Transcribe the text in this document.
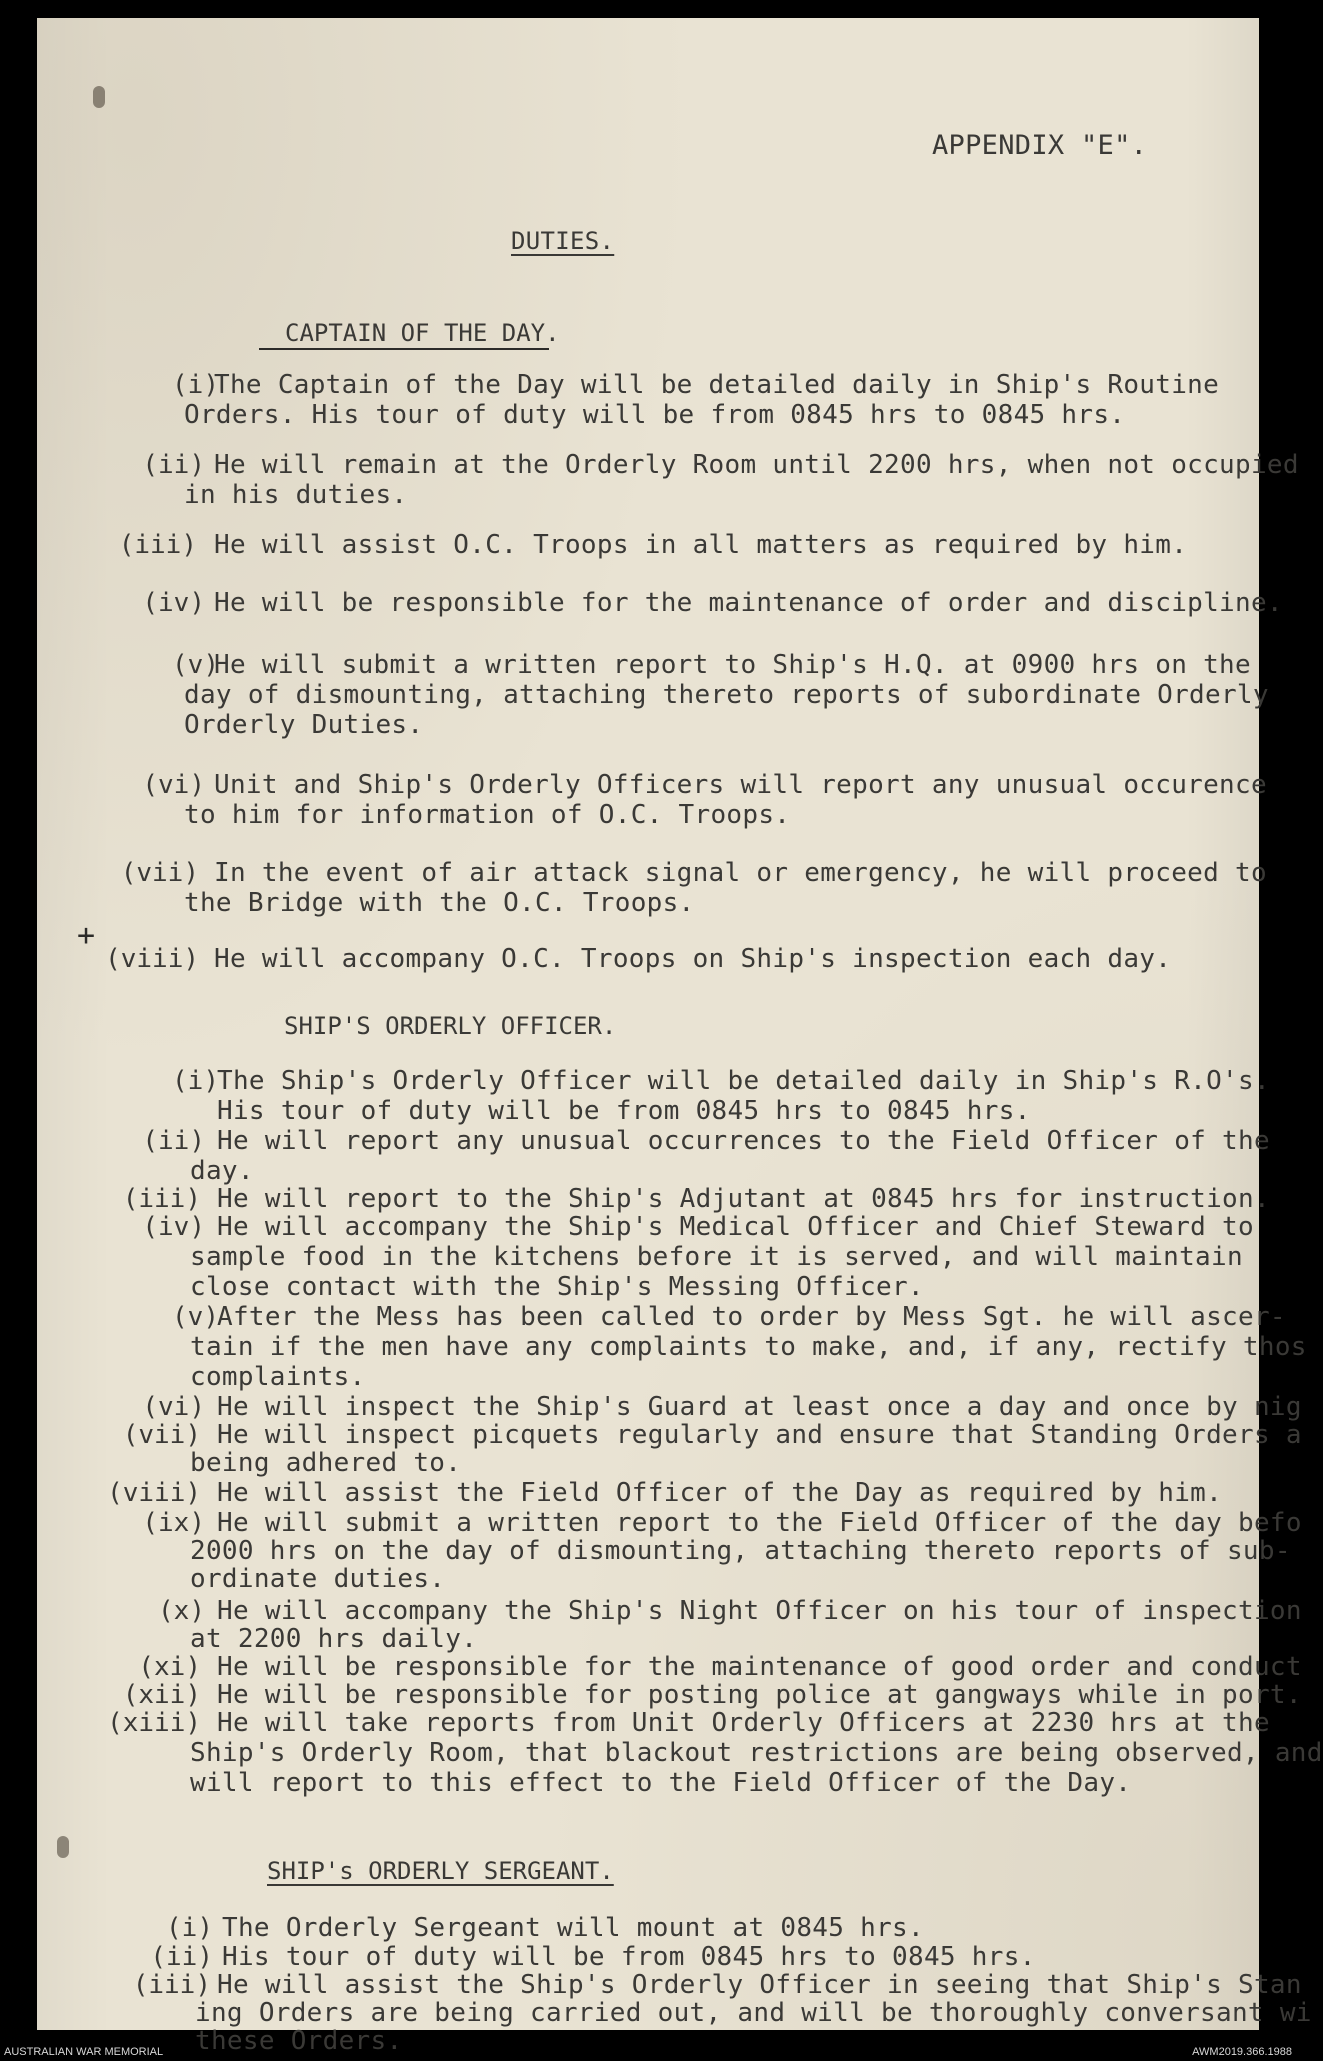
APPENDIX "E".
DUTIES.
CAPTAIN OF THE DAY.
(i)
The Captain of the Day will be detailed daily in Ship's Routine
Orders. His tour of duty will be from 0845 hrs to 0845 hrs.
(ii) He will remain at the Orderly Room until 2200 hrs, when not occupied
in his duties.
(iii) He will assist O.C. Troops in all matters as required by him.
(iv) He will be responsible for the maintenance of order and discipline.
(v)
He will submit a written report to Ship's H.Q. at 0900 hrs on the
day of dismounting, attaching thereto reports of subordinate Orderly
Orderly Duties.
(vi) Unit and Ship's Orderly Officers will report any unusual occurence
to him for information of O.C. Troops.
(vii) In the event of air attack signal or emergency, he will proceed to
the Bridge with the O.C. Troops.
+
(viii) He will accompany O.C. Troops on Ship's inspection each day.
SHIP'S ORDERLY OFFICER.
(i)
The Ship's Orderly Officer will be detailed daily in Ship's R.O's.
His tour of duty will be from 0845 hrs to 0845 hrs.
(ii) He will report any unusual occurrences to the Field Officer of the
day.
(iii) He will report to the Ship's Adjutant at 0845 hrs for instruction.
(iv) He will accompany the Ship's Medical Officer and Chief Steward to
sample food in the kitchens before it is served, and will maintain
close contact with the Ship's Messing Officer.
(v)
After the Mess has been called to order by Mess Sgt. he will ascer-
tain if the men have any complaints to make, and, if any, rectify thos
complaints.
(vi) He will inspect the Ship's Guard at least once a day and once by nig
(vii) He will inspect picquets regularly and ensure that Standing Orders a
being adhered to.
(viii) He will assist the Field Officer of the Day as required by him.
(ix) He will submit a written report to the Field Officer of the day befo
2000 hrs on the day of dismounting, attaching thereto reports of sub-
ordinate duties.
(x) He will accompany the Ship's Night Officer on his tour of inspection
at 2200 hrs daily.
(xi) He will be responsible for the maintenance of good order and conduct
(xii) He will be responsible for posting police at gangways while in port.
(xiii) He will take reports from Unit Orderly Officers at 2230 hrs at the
Ship's Orderly Room, that blackout restrictions are being observed, and
will report to this effect to the Field Officer of the Day.
SHIP's ORDERLY SERGEANT.
(i) The Orderly Sergeant will mount at 0845 hrs.
(ii) His tour of duty will be from 0845 hrs to 0845 hrs.
(iii) He will assist the Ship's Orderly Officer in seeing that Ship's Stan
ing Orders are being carried out, and will be thoroughly conversant wi
these Orders.
AUSTRALIAN WAR MEMORIAL	AWM2019.366.1988
